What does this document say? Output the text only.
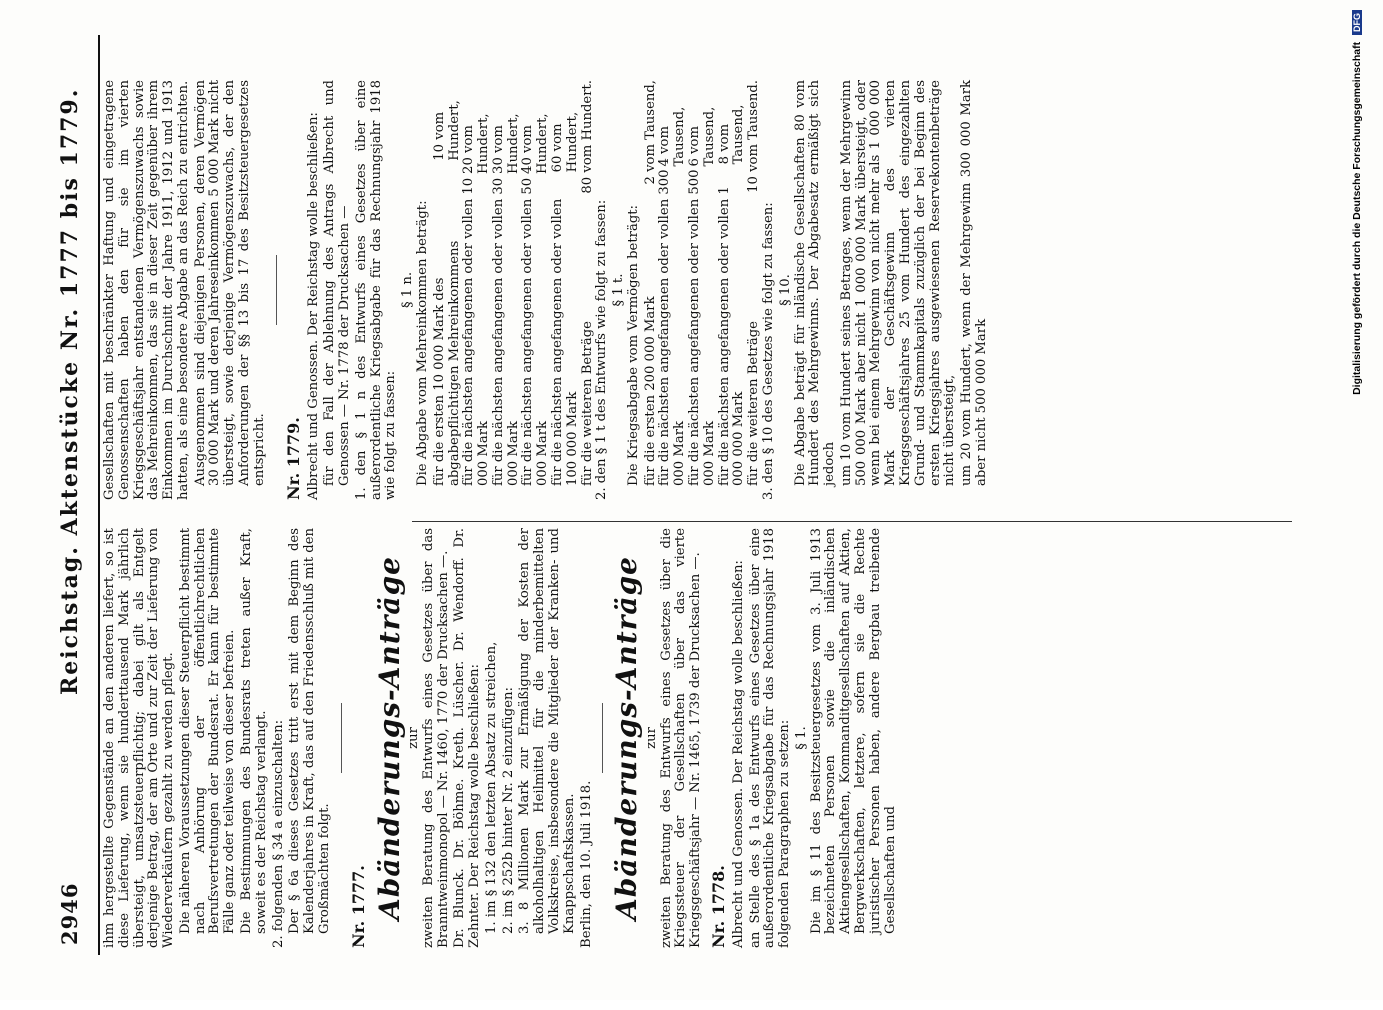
2946
Reichstag. Aktenstücke Nr. 1777 bis 1779.

ihm hergestellte Gegenstände an den anderen liefert, so ist diese Lieferung, wenn sie hunderttausend Mark jährlich übersteigt, umsatzsteuerpflichtig; dabei gilt als Entgelt derjenige Betrag, der am Orte und zur Zeit der Lieferung von Wiederverkäufern gezahlt zu werden pflegt. Die näheren Voraussetzungen dieser Steuerpflicht bestimmt nach Anhörung der öffentlichrechtlichen Berufsvertretungen der Bundesrat. Er kann für bestimmte Fälle ganz oder teilweise von dieser befreien. Die Bestimmungen des Bundesrats treten außer Kraft, soweit es der Reichstag verlangt. 2. folgenden § 34 a einzuschalten: Der § 6a dieses Gesetzes tritt erst mit dem Beginn des Kalenderjahres in Kraft, das auf den Friedensschluß mit den Großmächten folgt. Nr. 1777. Abänderungs-Anträge zur zweiten Beratung des Entwurfs eines Gesetzes über das Branntweinmonopol — Nr. 1460, 1770 der Drucksachen —. Dr. Blunck. Dr. Böhme. Kreth. Lüscher. Dr. Wendorff. Dr. Zehnter. Der Reichstag wolle beschließen: 1. im § 132 den letzten Absatz zu streichen, 2. im § 252b hinter Nr. 2 einzufügen: 3. 8 Millionen Mark zur Ermäßigung der Kosten der alkoholhaltigen Heilmittel für die minderbemittelten Volkskreise, insbesondere die Mitglieder der Kranken- und Knappschaftskassen. Berlin, den 10. Juli 1918. Abänderungs-Anträge zur zweiten Beratung des Entwurfs eines Gesetzes über die Kriegssteuer der Gesellschaften über das vierte Kriegsgeschäftsjahr — Nr. 1465, 1739 der Drucksachen —. Nr. 1778. Albrecht und Genossen. Der Reichstag wolle beschließen: an Stelle des § 1a des Entwurfs eines Gesetzes über eine außerordentliche Kriegsabgabe für das Rechnungsjahr 1918 folgenden Paragraphen zu setzen: § 1. Die im § 11 des Besitzsteuergesetzes vom 3. Juli 1913 bezeichneten Personen sowie die inländischen Aktiengesellschaften, Kommanditgesellschaften auf Aktien, Bergwerkschaften, letztere, sofern sie die Rechte juristischer Personen haben, andere Bergbau treibende Gesellschaften und

Gesellschaften mit beschränkter Haftung und eingetragene Genossenschaften haben den für sie im vierten Kriegsgeschäftsjahr entstandenen Vermögenszuwachs sowie das Mehreinkommen, das sie in dieser Zeit gegenüber ihrem Einkommen im Durchschnitt der Jahre 1911, 1912 und 1913 hatten, als eine besondere Abgabe an das Reich zu entrichten. Ausgenommen sind diejenigen Personen, deren Vermögen 30 000 Mark und deren Jahreseinkommen 5 000 Mark nicht übersteigt, sowie derjenige Vermögenszuwachs, der den Anforderungen der §§ 13 bis 17 des Besitzsteuergesetzes entspricht. Nr. 1779. Albrecht und Genossen. Der Reichstag wolle beschließen: für den Fall der Ablehnung des Antrags Albrecht und Genossen — Nr. 1778 der Drucksachen — 1. den § 1 n des Entwurfs eines Gesetzes über eine außerordentliche Kriegsabgabe für das Rechnungsjahr 1918 wie folgt zu fassen:

§ 1 n. Die Abgabe vom Mehreinkommen beträgt: für die ersten 10 000 Mark des abgabepflichtigen Mehreinkommens
10 vom Hundert,
für die nächsten angefangenen oder vollen 10 000 Mark
20 vom Hundert,
für die nächsten angefangenen oder vollen 30 000 Mark
30 vom Hundert,
für die nächsten angefangenen oder vollen 50 000 Mark
40 vom Hundert,
für die nächsten angefangenen oder vollen 100 000 Mark
60 vom Hundert,
für die weiteren Beträge
80 vom Hundert.

2. den § 1 t des Entwurfs wie folgt zu fassen: § 1 t. Die Kriegsabgabe vom Vermögen beträgt: für die ersten 200 000 Mark
2 vom Tausend,
für die nächsten angefangenen oder vollen 300 000 Mark
4 vom Tausend,
für die nächsten angefangenen oder vollen 500 000 Mark
6 vom Tausend,
für die nächsten angefangenen oder vollen 1 000 000 Mark
8 vom Tausend,
für die weiteren Beträge
10 vom Tausend.

3. den § 10 des Gesetzes wie folgt zu fassen: § 10. Die Abgabe beträgt für inländische Gesellschaften 80 vom Hundert des Mehrgewinns. Der Abgabesatz ermäßigt sich jedoch um 10 vom Hundert seines Betrages, wenn der Mehrgewinn 500 000 Mark aber nicht 1 000 000 Mark übersteigt, oder wenn bei einem Mehrgewinn von nicht mehr als 1 000 000 Mark der Geschäftsgewinn des vierten Kriegsgeschäftsjahres 25 vom Hundert des eingezahlten Grund- und Stammkapitals zuzüglich der bei Beginn des ersten Kriegsjahres ausgewiesenen Reservekontenbeträge nicht übersteigt, um 20 vom Hundert, wenn der Mehrgewinn 300 000 Mark aber nicht 500 000 Mark

Digitalisierung gefördert durch die Deutsche Forschungsgemeinschaft DFG
